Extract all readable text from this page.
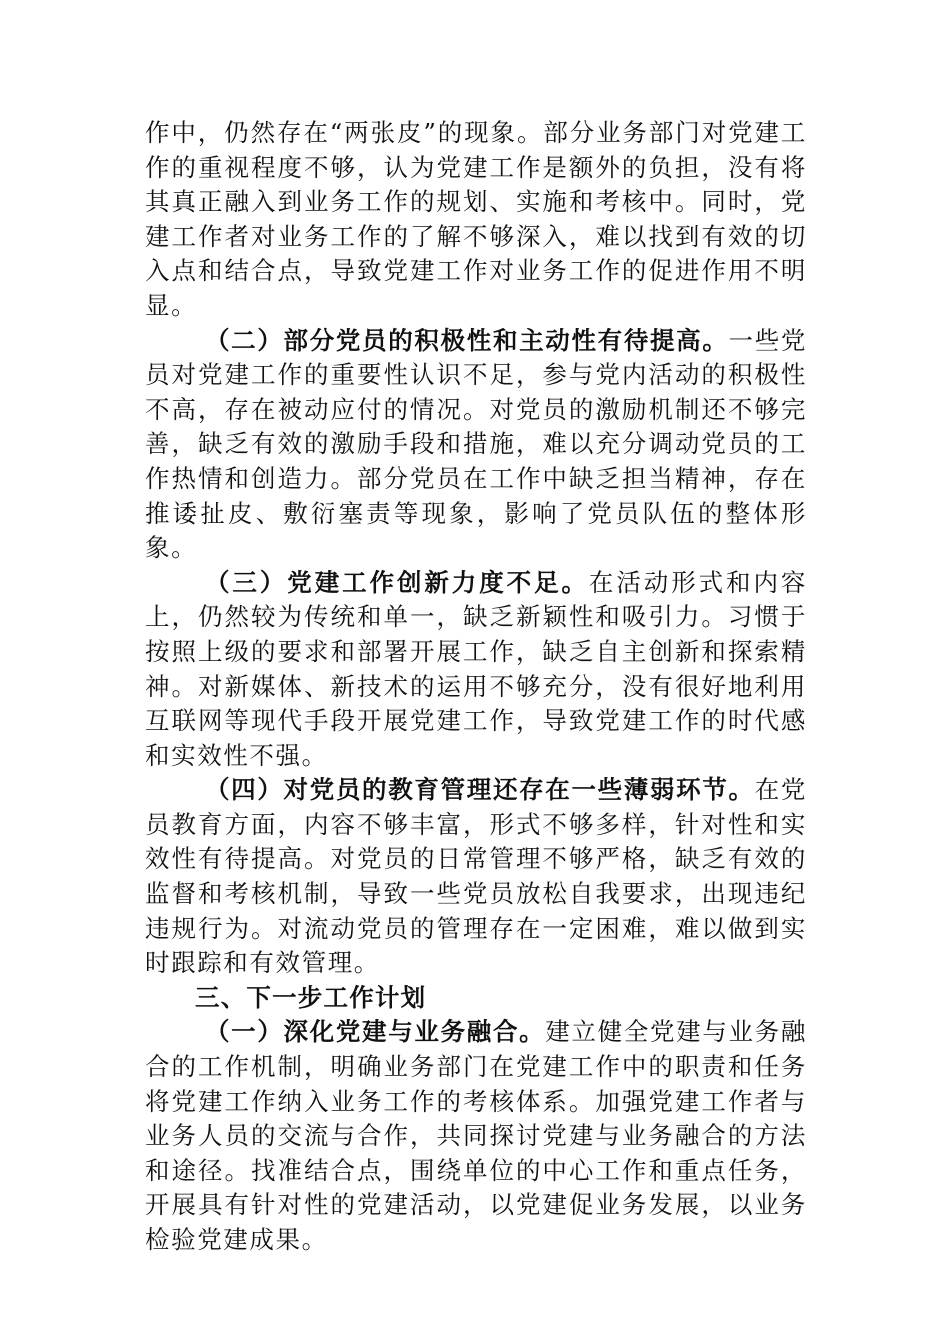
作中，仍然存在“两张皮”的现象。部分业务部门对党建工作的重视程度不够，认为党建工作是额外的负担，没有将其真正融入到业务工作的规划、实施和考核中。同时，党建工作者对业务工作的了解不够深入，难以找到有效的切入点和结合点，导致党建工作对业务工作的促进作用不明显。

（二）部分党员的积极性和主动性有待提高。一些党员对党建工作的重要性认识不足，参与党内活动的积极性不高，存在被动应付的情况。对党员的激励机制还不够完善，缺乏有效的激励手段和措施，难以充分调动党员的工作热情和创造力。部分党员在工作中缺乏担当精神，存在推诿扯皮、敷衍塞责等现象，影响了党员队伍的整体形象。

（三）党建工作创新力度不足。在活动形式和内容上，仍然较为传统和单一，缺乏新颖性和吸引力。习惯于按照上级的要求和部署开展工作，缺乏自主创新和探索精神。对新媒体、新技术的运用不够充分，没有很好地利用互联网等现代手段开展党建工作，导致党建工作的时代感和实效性不强。

（四）对党员的教育管理还存在一些薄弱环节。在党员教育方面，内容不够丰富，形式不够多样，针对性和实效性有待提高。对党员的日常管理不够严格，缺乏有效的监督和考核机制，导致一些党员放松自我要求，出现违纪违规行为。对流动党员的管理存在一定困难，难以做到实时跟踪和有效管理。

三、下一步工作计划

（一）深化党建与业务融合。建立健全党建与业务融合的工作机制，明确业务部门在党建工作中的职责和任务将党建工作纳入业务工作的考核体系。加强党建工作者与业务人员的交流与合作，共同探讨党建与业务融合的方法和途径。找准结合点，围绕单位的中心工作和重点任务，开展具有针对性的党建活动，以党建促业务发展，以业务检验党建成果。
